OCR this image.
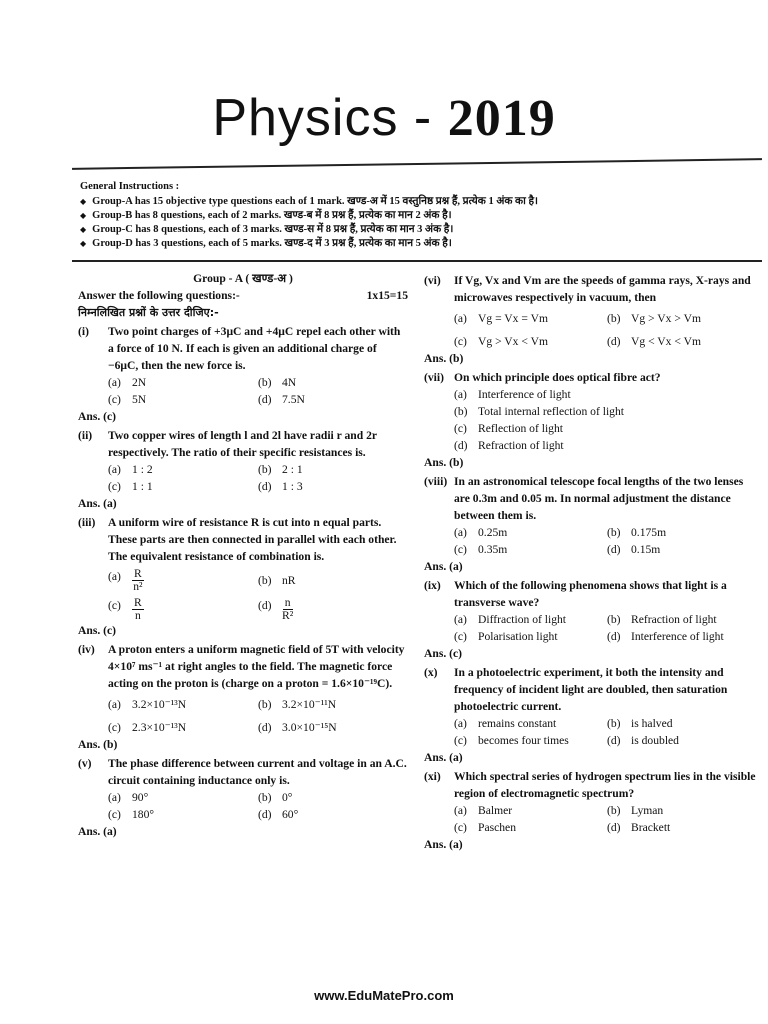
Physics - 2019
General Instructions :
◆ Group-A has 15 objective type questions each of 1 mark. खण्ड-अ में 15 वस्तुनिष्ठ प्रश्न हैं, प्रत्येक 1 अंक का है।
◆ Group-B has 8 questions, each of 2 marks. खण्ड-ब में 8 प्रश्न हैं, प्रत्येक का मान 2 अंक है।
◆ Group-C has 8 questions, each of 3 marks. खण्ड-स में 8 प्रश्न हैं, प्रत्येक का मान 3 अंक है।
◆ Group-D has 3 questions, each of 5 marks. खण्ड-द में 3 प्रश्न हैं, प्रत्येक का मान 5 अंक है।
Group - A ( खण्ड-अ )
Answer the following questions:-	1x15=15
निम्नलिखित प्रश्नों के उत्तर दीजिए:-
(i)	Two point charges of +3μC and +4μC repel each other with a force of 10 N. If each is given an additional charge of −6μC, then the new force is.
(a) 2N	(b) 4N
(c) 5N	(d) 7.5N
Ans. (c)
(ii)	Two copper wires of length l and 2l have radii r and 2r respectively. The ratio of their specific resistances is.
(a) 1 : 2	(b) 2 : 1
(c) 1 : 1	(d) 1 : 3
Ans. (a)
(iii)	A uniform wire of resistance R is cut into n equal parts. These parts are then connected in parallel with each other. The equivalent resistance of combination is.
$(a) \frac{R}{\text{n²}}$	(b) nR
$(c) \frac{R}{n}$	$(d) \frac{n}{\text{R²}}$
Ans. (c)
(iv)	A proton enters a uniform magnetic field of 5T with velocity 4×10⁷ ms⁻¹ at right angles to the field. The magnetic force acting on the proton is (charge on a proton = 1.6×10⁻¹⁹C).
(a) 3.2×10⁻¹³N	(b) 3.2×10⁻¹¹N
(c) 2.3×10⁻¹³N	(d) 3.0×10⁻¹⁵N
Ans. (b)
(v)	The phase difference between current and voltage in an A.C. circuit containing inductance only is.
(a) 90°	(b) 0°
(c) 180°	(d) 60°
Ans. (a)
(vi)	If Vg, Vx and Vm are the speeds of gamma rays, X-rays and microwaves respectively in vacuum, then
(a) Vg = Vx = Vm	(b) Vg > Vx > Vm
(c) Vg > Vx < Vm	(d) Vg < Vx < Vm
Ans. (b)
(vii) On which principle does optical fibre act?
(a) Interference of light
(b) Total internal reflection of light
(c) Reflection of light
(d) Refraction of light
Ans. (b)
(viii) In an astronomical telescope focal lengths of the two lenses are 0.3m and 0.05 m. In normal adjustment the distance between them is.
(a) 0.25m	(b) 0.175m
(c) 0.35m	(d) 0.15m
Ans. (a)
(ix)	Which of the following phenomena shows that light is a transverse wave?
(a) Diffraction of light	(b) Refraction of light
(c) Polarisation light	(d) Interference of light
Ans. (c)
(x)	In a photoelectric experiment, it both the intensity and frequency of incident light are doubled, then saturation photoelectric current.
(a) remains constant	(b) is halved
(c) becomes four times	(d) is doubled
Ans. (a)
(xi)	Which spectral series of hydrogen spectrum lies in the visible region of electromagnetic spectrum?
(a) Balmer	(b) Lyman
(c) Paschen	(d) Brackett
Ans. (a)
www.EduMatePro.com
